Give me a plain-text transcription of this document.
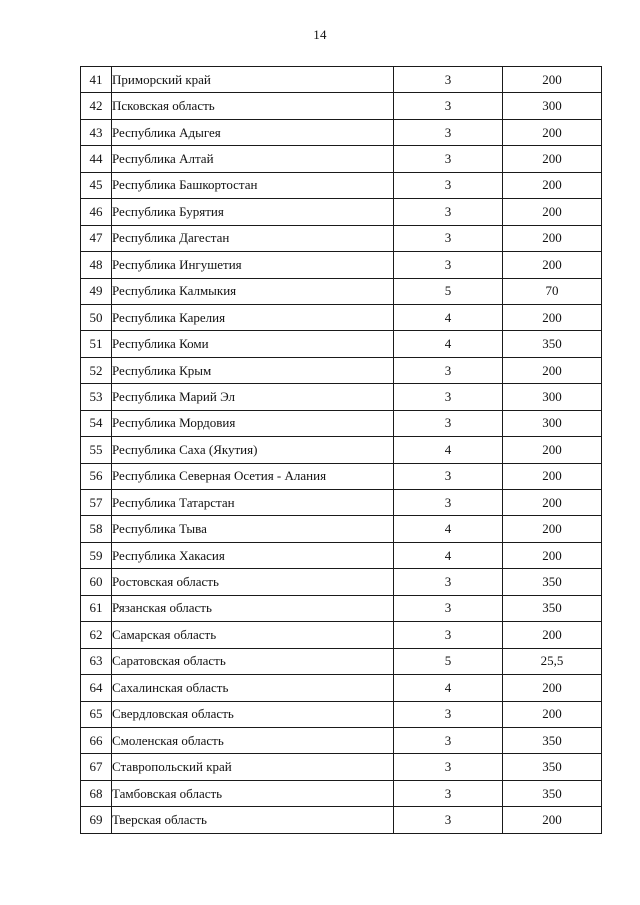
14
41	Приморский край	3	200
42	Псковская область	3	300
43	Республика Адыгея	3	200
44	Республика Алтай	3	200
45	Республика Башкортостан	3	200
46	Республика Бурятия	3	200
47	Республика Дагестан	3	200
48	Республика Ингушетия	3	200
49	Республика Калмыкия	5	70
50	Республика Карелия	4	200
51	Республика Коми	4	350
52	Республика Крым	3	200
53	Республика Марий Эл	3	300
54	Республика Мордовия	3	300
55	Республика Саха (Якутия)	4	200
56	Республика Северная Осетия - Алания	3	200
57	Республика Татарстан	3	200
58	Республика Тыва	4	200
59	Республика Хакасия	4	200
60	Ростовская область	3	350
61	Рязанская область	3	350
62	Самарская область	3	200
63	Саратовская область	5	25,5
64	Сахалинская область	4	200
65	Свердловская область	3	200
66	Смоленская область	3	350
67	Ставропольский край	3	350
68	Тамбовская область	3	350
69	Тверская область	3	200
